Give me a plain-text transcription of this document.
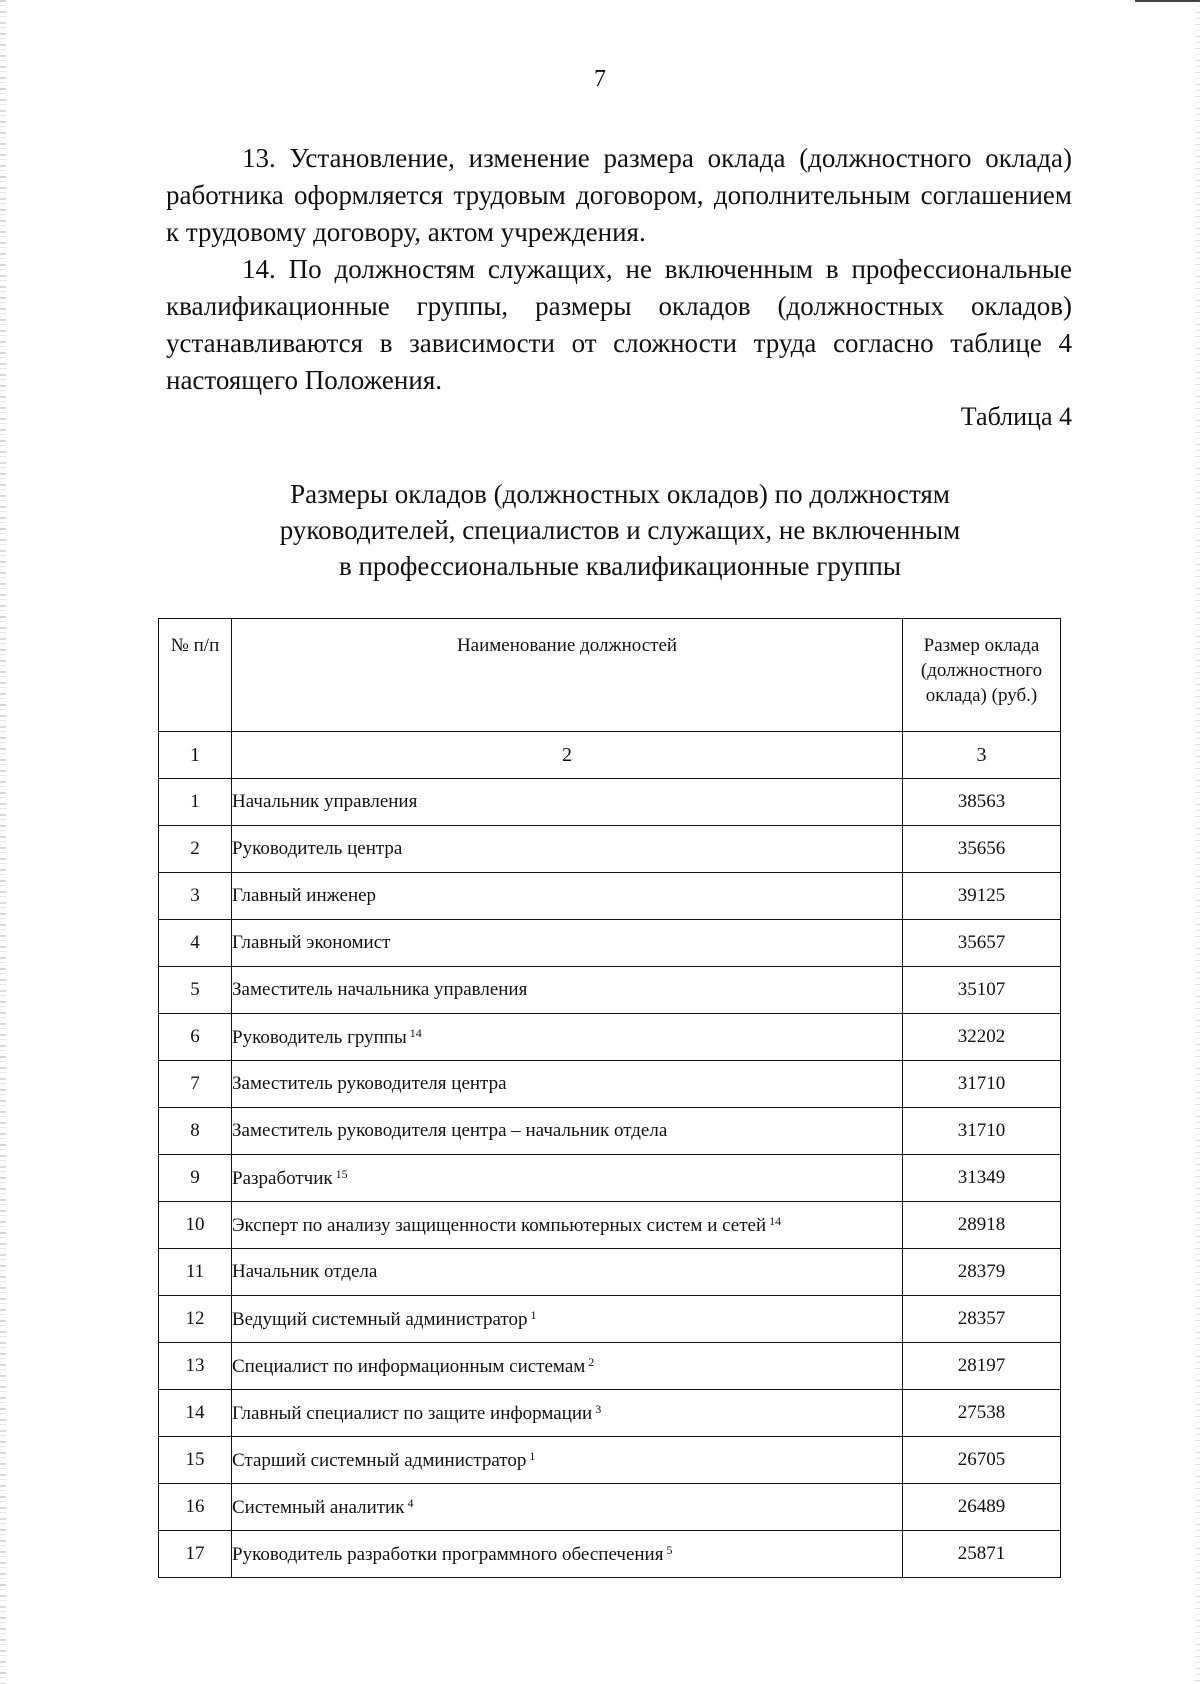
7

13. Установление, изменение размера оклада (должностного оклада) работника оформляется трудовым договором, дополнительным соглашением к трудовому договору, актом учреждения.

14. По должностям служащих, не включенным в профессиональные квалификационные группы, размеры окладов (должностных окладов) устанавливаются в зависимости от сложности труда согласно таблице 4 настоящего Положения.

Таблица 4
Размеры окладов (должностных окладов) по должностям
руководителей, специалистов и служащих, не включенным
в профессиональные квалификационные группы
№ п/п	Наименование должностей	Размер оклада
(должностного
оклада) (руб.)

1	2	3
1	Начальник управления	38563
2	Руководитель центра	35656
3	Главный инженер	39125
4	Главный экономист	35657
5	Заместитель начальника управления	35107
6	Руководитель группы $^{14}$	32202
7	Заместитель руководителя центра	31710
8	Заместитель руководителя центра – начальник отдела	31710
9	Разработчик $^{15}$	31349
10	Эксперт по анализу защищенности компьютерных систем и сетей $^{14}$	28918
11	Начальник отдела	28379
12	Ведущий системный администратор $^1$	28357
13	Специалист по информационным системам $^2$	28197
14	Главный специалист по защите информации $^3$	27538
15	Старший системный администратор $^1$	26705
16	Системный аналитик $^4$	26489
17	Руководитель разработки программного обеспечения $^5$	25871
